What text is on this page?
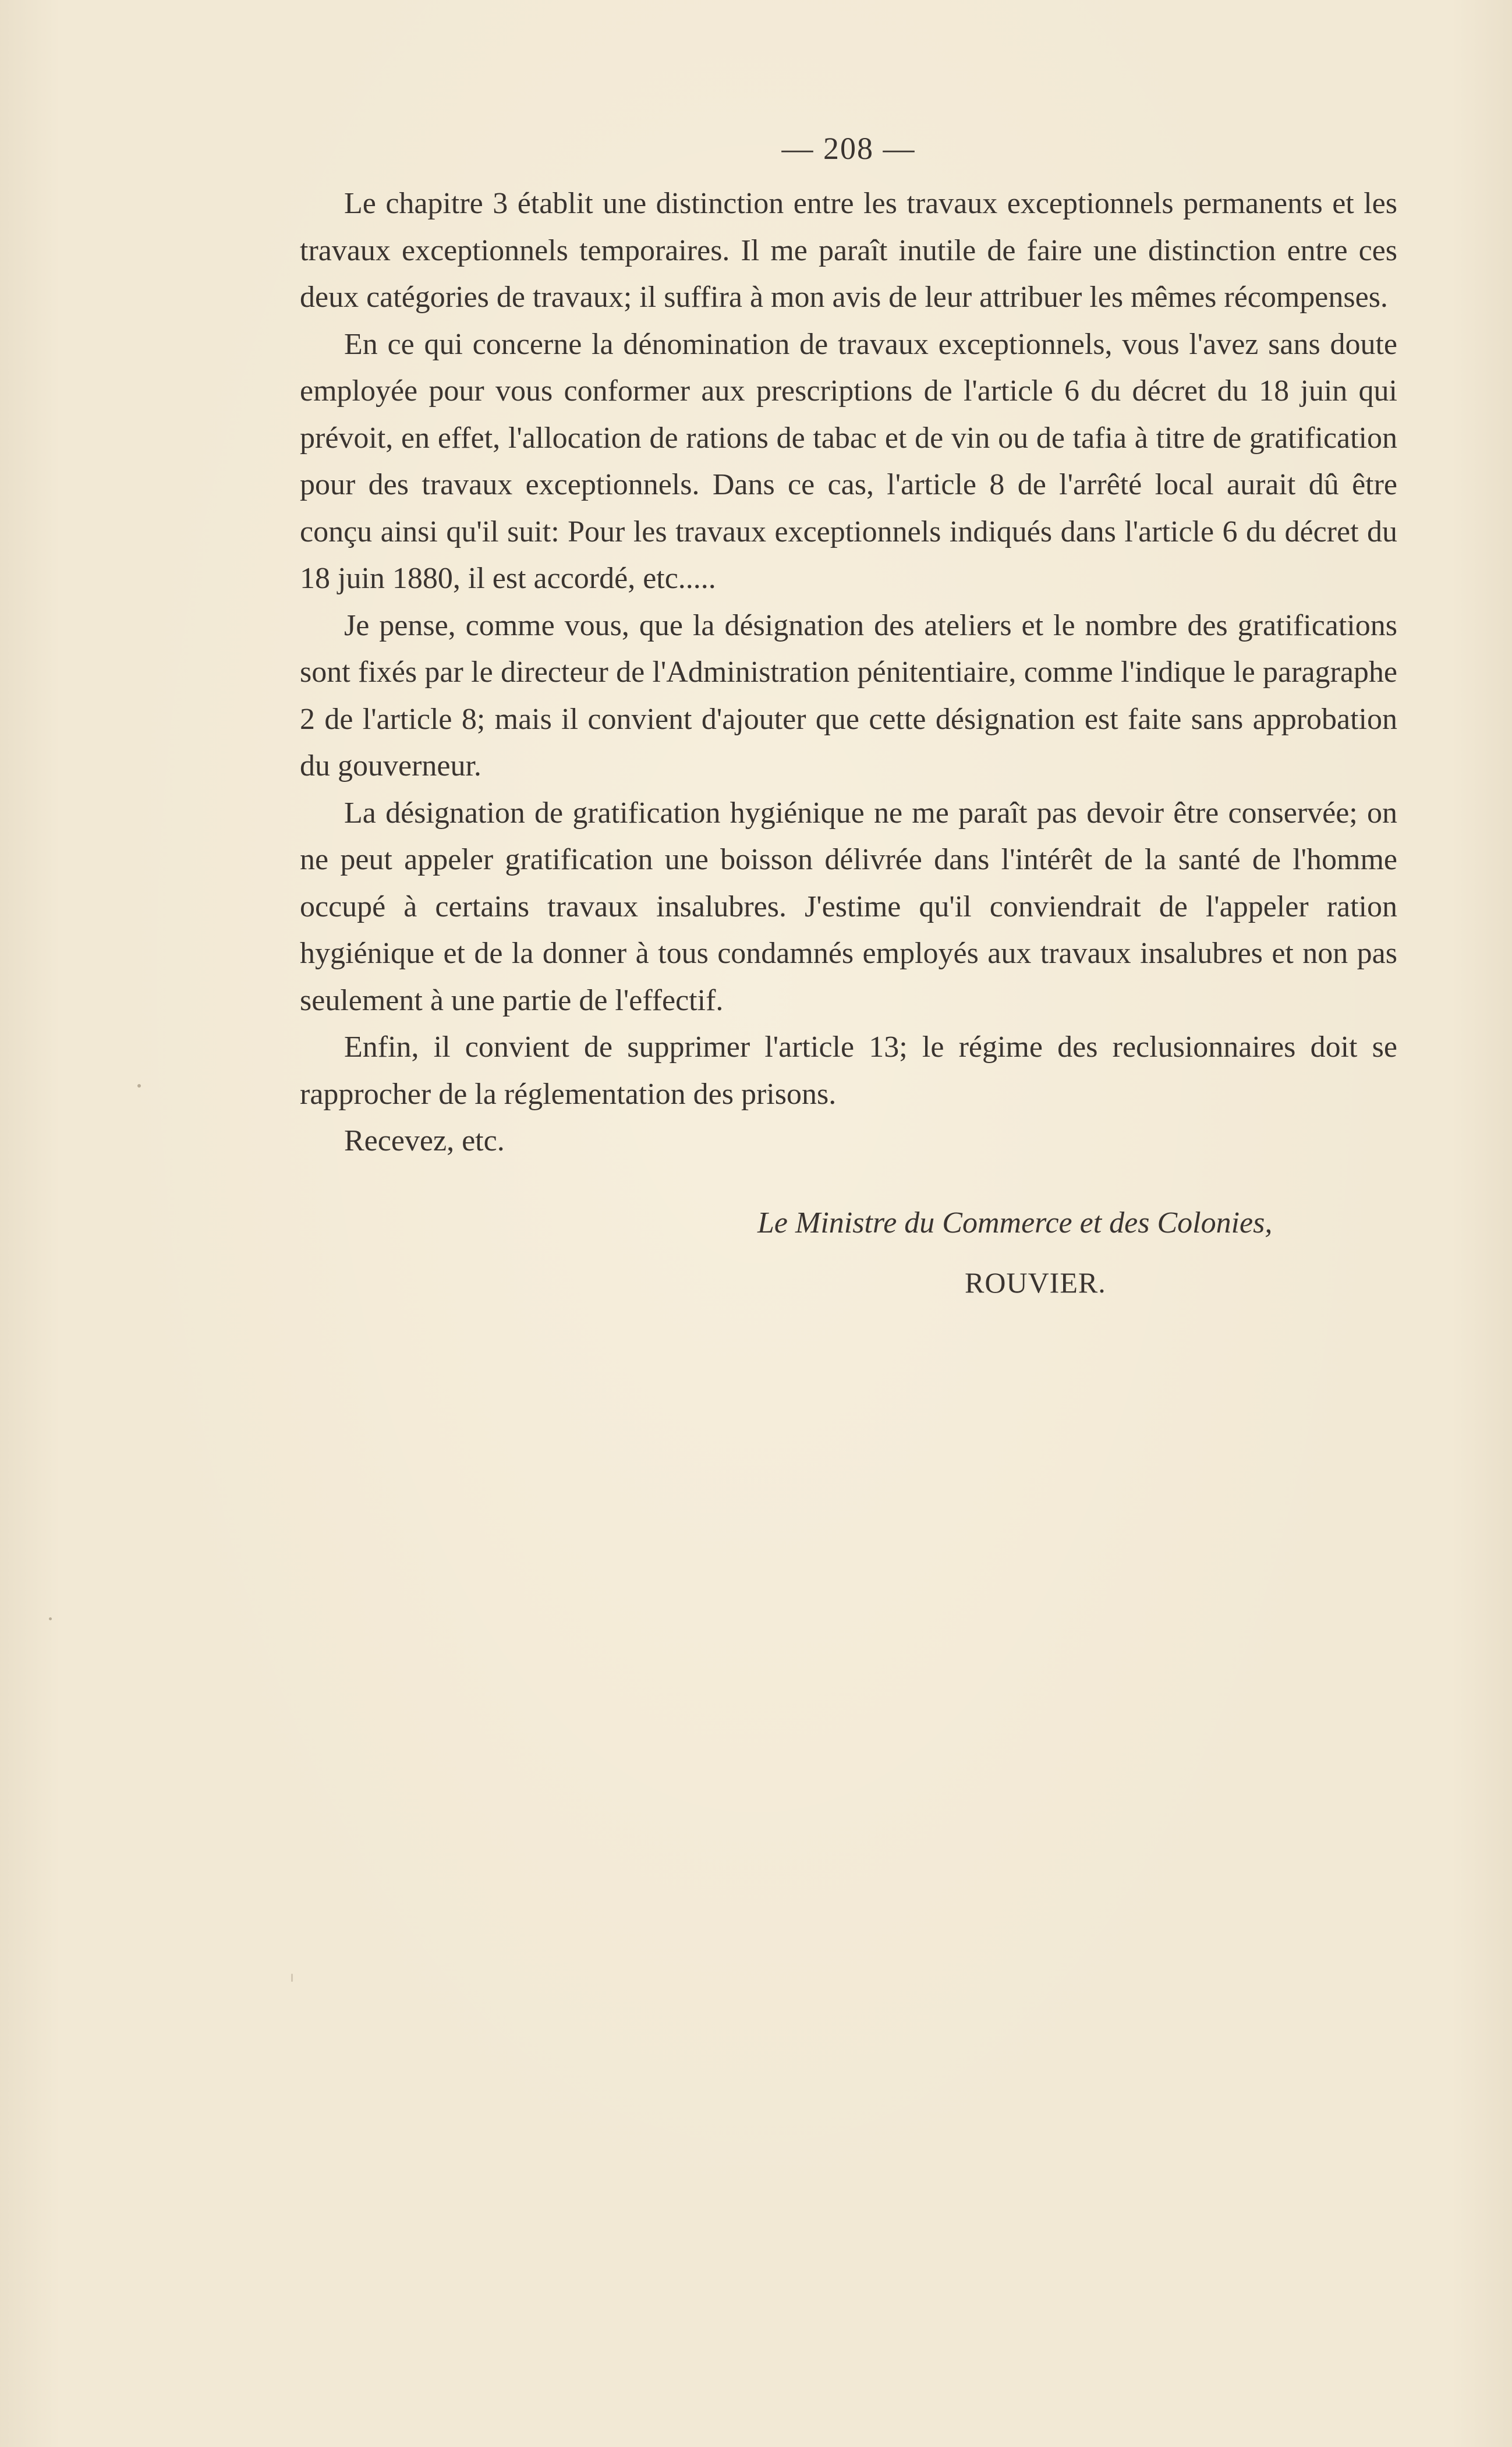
— 208 —

Le chapitre 3 établit une distinction entre les travaux exceptionnels permanents et les travaux exceptionnels temporaires. Il me paraît inutile de faire une distinction entre ces deux catégories de travaux; il suffira à mon avis de leur attribuer les mêmes récompenses.

En ce qui concerne la dénomination de travaux exceptionnels, vous l'avez sans doute employée pour vous conformer aux prescriptions de l'article 6 du décret du 18 juin qui prévoit, en effet, l'allocation de rations de tabac et de vin ou de tafia à titre de gratification pour des travaux exceptionnels. Dans ce cas, l'article 8 de l'arrêté local aurait dû être conçu ainsi qu'il suit: Pour les travaux exceptionnels indiqués dans l'article 6 du décret du 18 juin 1880, il est accordé, etc.....

Je pense, comme vous, que la désignation des ateliers et le nombre des gratifications sont fixés par le directeur de l'Administration pénitentiaire, comme l'indique le paragraphe 2 de l'article 8; mais il convient d'ajouter que cette désignation est faite sans approbation du gouverneur.

La désignation de gratification hygiénique ne me paraît pas devoir être conservée; on ne peut appeler gratification une boisson délivrée dans l'intérêt de la santé de l'homme occupé à certains travaux insalubres. J'estime qu'il conviendrait de l'appeler ration hygiénique et de la donner à tous condamnés employés aux travaux insalubres et non pas seulement à une partie de l'effectif.

Enfin, il convient de supprimer l'article 13; le régime des reclusionnaires doit se rapprocher de la réglementation des prisons.

Recevez, etc.

Le Ministre du Commerce et des Colonies,

ROUVIER.
